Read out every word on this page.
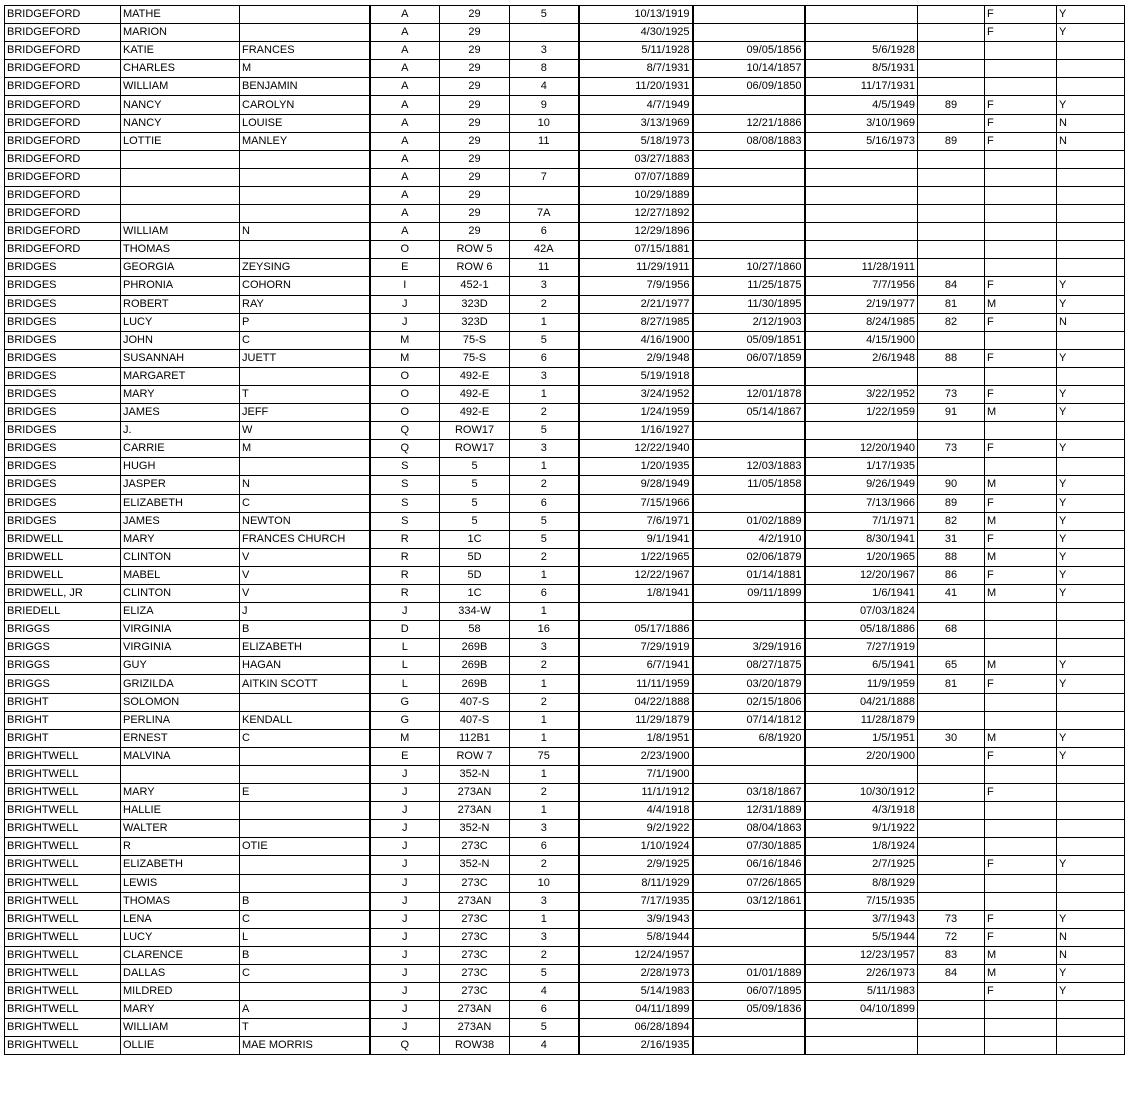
BRIDGEFORD	MATHE		A	29	5	10/13/1919				F	Y
BRIDGEFORD	MARION		A	29		4/30/1925				F	Y
BRIDGEFORD	KATIE	FRANCES	A	29	3	5/11/1928	09/05/1856	5/6/1928			
BRIDGEFORD	CHARLES	M	A	29	8	8/7/1931	10/14/1857	8/5/1931			
BRIDGEFORD	WILLIAM	BENJAMIN	A	29	4	11/20/1931	06/09/1850	11/17/1931			
BRIDGEFORD	NANCY	CAROLYN	A	29	9	4/7/1949		4/5/1949	89	F	Y
BRIDGEFORD	NANCY	LOUISE	A	29	10	3/13/1969	12/21/1886	3/10/1969		F	N
BRIDGEFORD	LOTTIE	MANLEY	A	29	11	5/18/1973	08/08/1883	5/16/1973	89	F	N
BRIDGEFORD			A	29		03/27/1883					
BRIDGEFORD			A	29	7	07/07/1889					
BRIDGEFORD			A	29		10/29/1889					
BRIDGEFORD			A	29	7A	12/27/1892					
BRIDGEFORD	WILLIAM	N	A	29	6	12/29/1896					
BRIDGEFORD	THOMAS		O	ROW 5	42A	07/15/1881					
BRIDGES	GEORGIA	ZEYSING	E	ROW 6	11	11/29/1911	10/27/1860	11/28/1911			
BRIDGES	PHRONIA	COHORN	I	452-1	3	7/9/1956	11/25/1875	7/7/1956	84	F	Y
BRIDGES	ROBERT	RAY	J	323D	2	2/21/1977	11/30/1895	2/19/1977	81	M	Y
BRIDGES	LUCY	P	J	323D	1	8/27/1985	2/12/1903	8/24/1985	82	F	N
BRIDGES	JOHN	C	M	75-S	5	4/16/1900	05/09/1851	4/15/1900			
BRIDGES	SUSANNAH	JUETT	M	75-S	6	2/9/1948	06/07/1859	2/6/1948	88	F	Y
BRIDGES	MARGARET		O	492-E	3	5/19/1918					
BRIDGES	MARY	T	O	492-E	1	3/24/1952	12/01/1878	3/22/1952	73	F	Y
BRIDGES	JAMES	JEFF	O	492-E	2	1/24/1959	05/14/1867	1/22/1959	91	M	Y
BRIDGES	J.	W	Q	ROW17	5	1/16/1927					
BRIDGES	CARRIE	M	Q	ROW17	3	12/22/1940		12/20/1940	73	F	Y
BRIDGES	HUGH		S	5	1	1/20/1935	12/03/1883	1/17/1935			
BRIDGES	JASPER	N	S	5	2	9/28/1949	11/05/1858	9/26/1949	90	M	Y
BRIDGES	ELIZABETH	C	S	5	6	7/15/1966		7/13/1966	89	F	Y
BRIDGES	JAMES	NEWTON	S	5	5	7/6/1971	01/02/1889	7/1/1971	82	M	Y
BRIDWELL	MARY	FRANCES CHURCH	R	1C	5	9/1/1941	4/2/1910	8/30/1941	31	F	Y
BRIDWELL	CLINTON	V	R	5D	2	1/22/1965	02/06/1879	1/20/1965	88	M	Y
BRIDWELL	MABEL	V	R	5D	1	12/22/1967	01/14/1881	12/20/1967	86	F	Y
BRIDWELL, JR	CLINTON	V	R	1C	6	1/8/1941	09/11/1899	1/6/1941	41	M	Y
BRIEDELL	ELIZA	J	J	334-W	1			07/03/1824			
BRIGGS	VIRGINIA	B	D	58	16	05/17/1886		05/18/1886	68		
BRIGGS	VIRGINIA	ELIZABETH	L	269B	3	7/29/1919	3/29/1916	7/27/1919			
BRIGGS	GUY	HAGAN	L	269B	2	6/7/1941	08/27/1875	6/5/1941	65	M	Y
BRIGGS	GRIZILDA	AITKIN SCOTT	L	269B	1	11/11/1959	03/20/1879	11/9/1959	81	F	Y
BRIGHT	SOLOMON		G	407-S	2	04/22/1888	02/15/1806	04/21/1888			
BRIGHT	PERLINA	KENDALL	G	407-S	1	11/29/1879	07/14/1812	11/28/1879			
BRIGHT	ERNEST	C	M	112B1	1	1/8/1951	6/8/1920	1/5/1951	30	M	Y
BRIGHTWELL	MALVINA		E	ROW 7	75	2/23/1900		2/20/1900		F	Y
BRIGHTWELL			J	352-N	1	7/1/1900					
BRIGHTWELL	MARY	E	J	273AN	2	11/1/1912	03/18/1867	10/30/1912		F	
BRIGHTWELL	HALLIE		J	273AN	1	4/4/1918	12/31/1889	4/3/1918			
BRIGHTWELL	WALTER		J	352-N	3	9/2/1922	08/04/1863	9/1/1922			
BRIGHTWELL	R	OTIE	J	273C	6	1/10/1924	07/30/1885	1/8/1924			
BRIGHTWELL	ELIZABETH		J	352-N	2	2/9/1925	06/16/1846	2/7/1925		F	Y
BRIGHTWELL	LEWIS		J	273C	10	8/11/1929	07/26/1865	8/8/1929			
BRIGHTWELL	THOMAS	B	J	273AN	3	7/17/1935	03/12/1861	7/15/1935			
BRIGHTWELL	LENA	C	J	273C	1	3/9/1943		3/7/1943	73	F	Y
BRIGHTWELL	LUCY	L	J	273C	3	5/8/1944		5/5/1944	72	F	N
BRIGHTWELL	CLARENCE	B	J	273C	2	12/24/1957		12/23/1957	83	M	N
BRIGHTWELL	DALLAS	C	J	273C	5	2/28/1973	01/01/1889	2/26/1973	84	M	Y
BRIGHTWELL	MILDRED		J	273C	4	5/14/1983	06/07/1895	5/11/1983		F	Y
BRIGHTWELL	MARY	A	J	273AN	6	04/11/1899	05/09/1836	04/10/1899			
BRIGHTWELL	WILLIAM	T	J	273AN	5	06/28/1894					
BRIGHTWELL	OLLIE	MAE MORRIS	Q	ROW38	4	2/16/1935					
